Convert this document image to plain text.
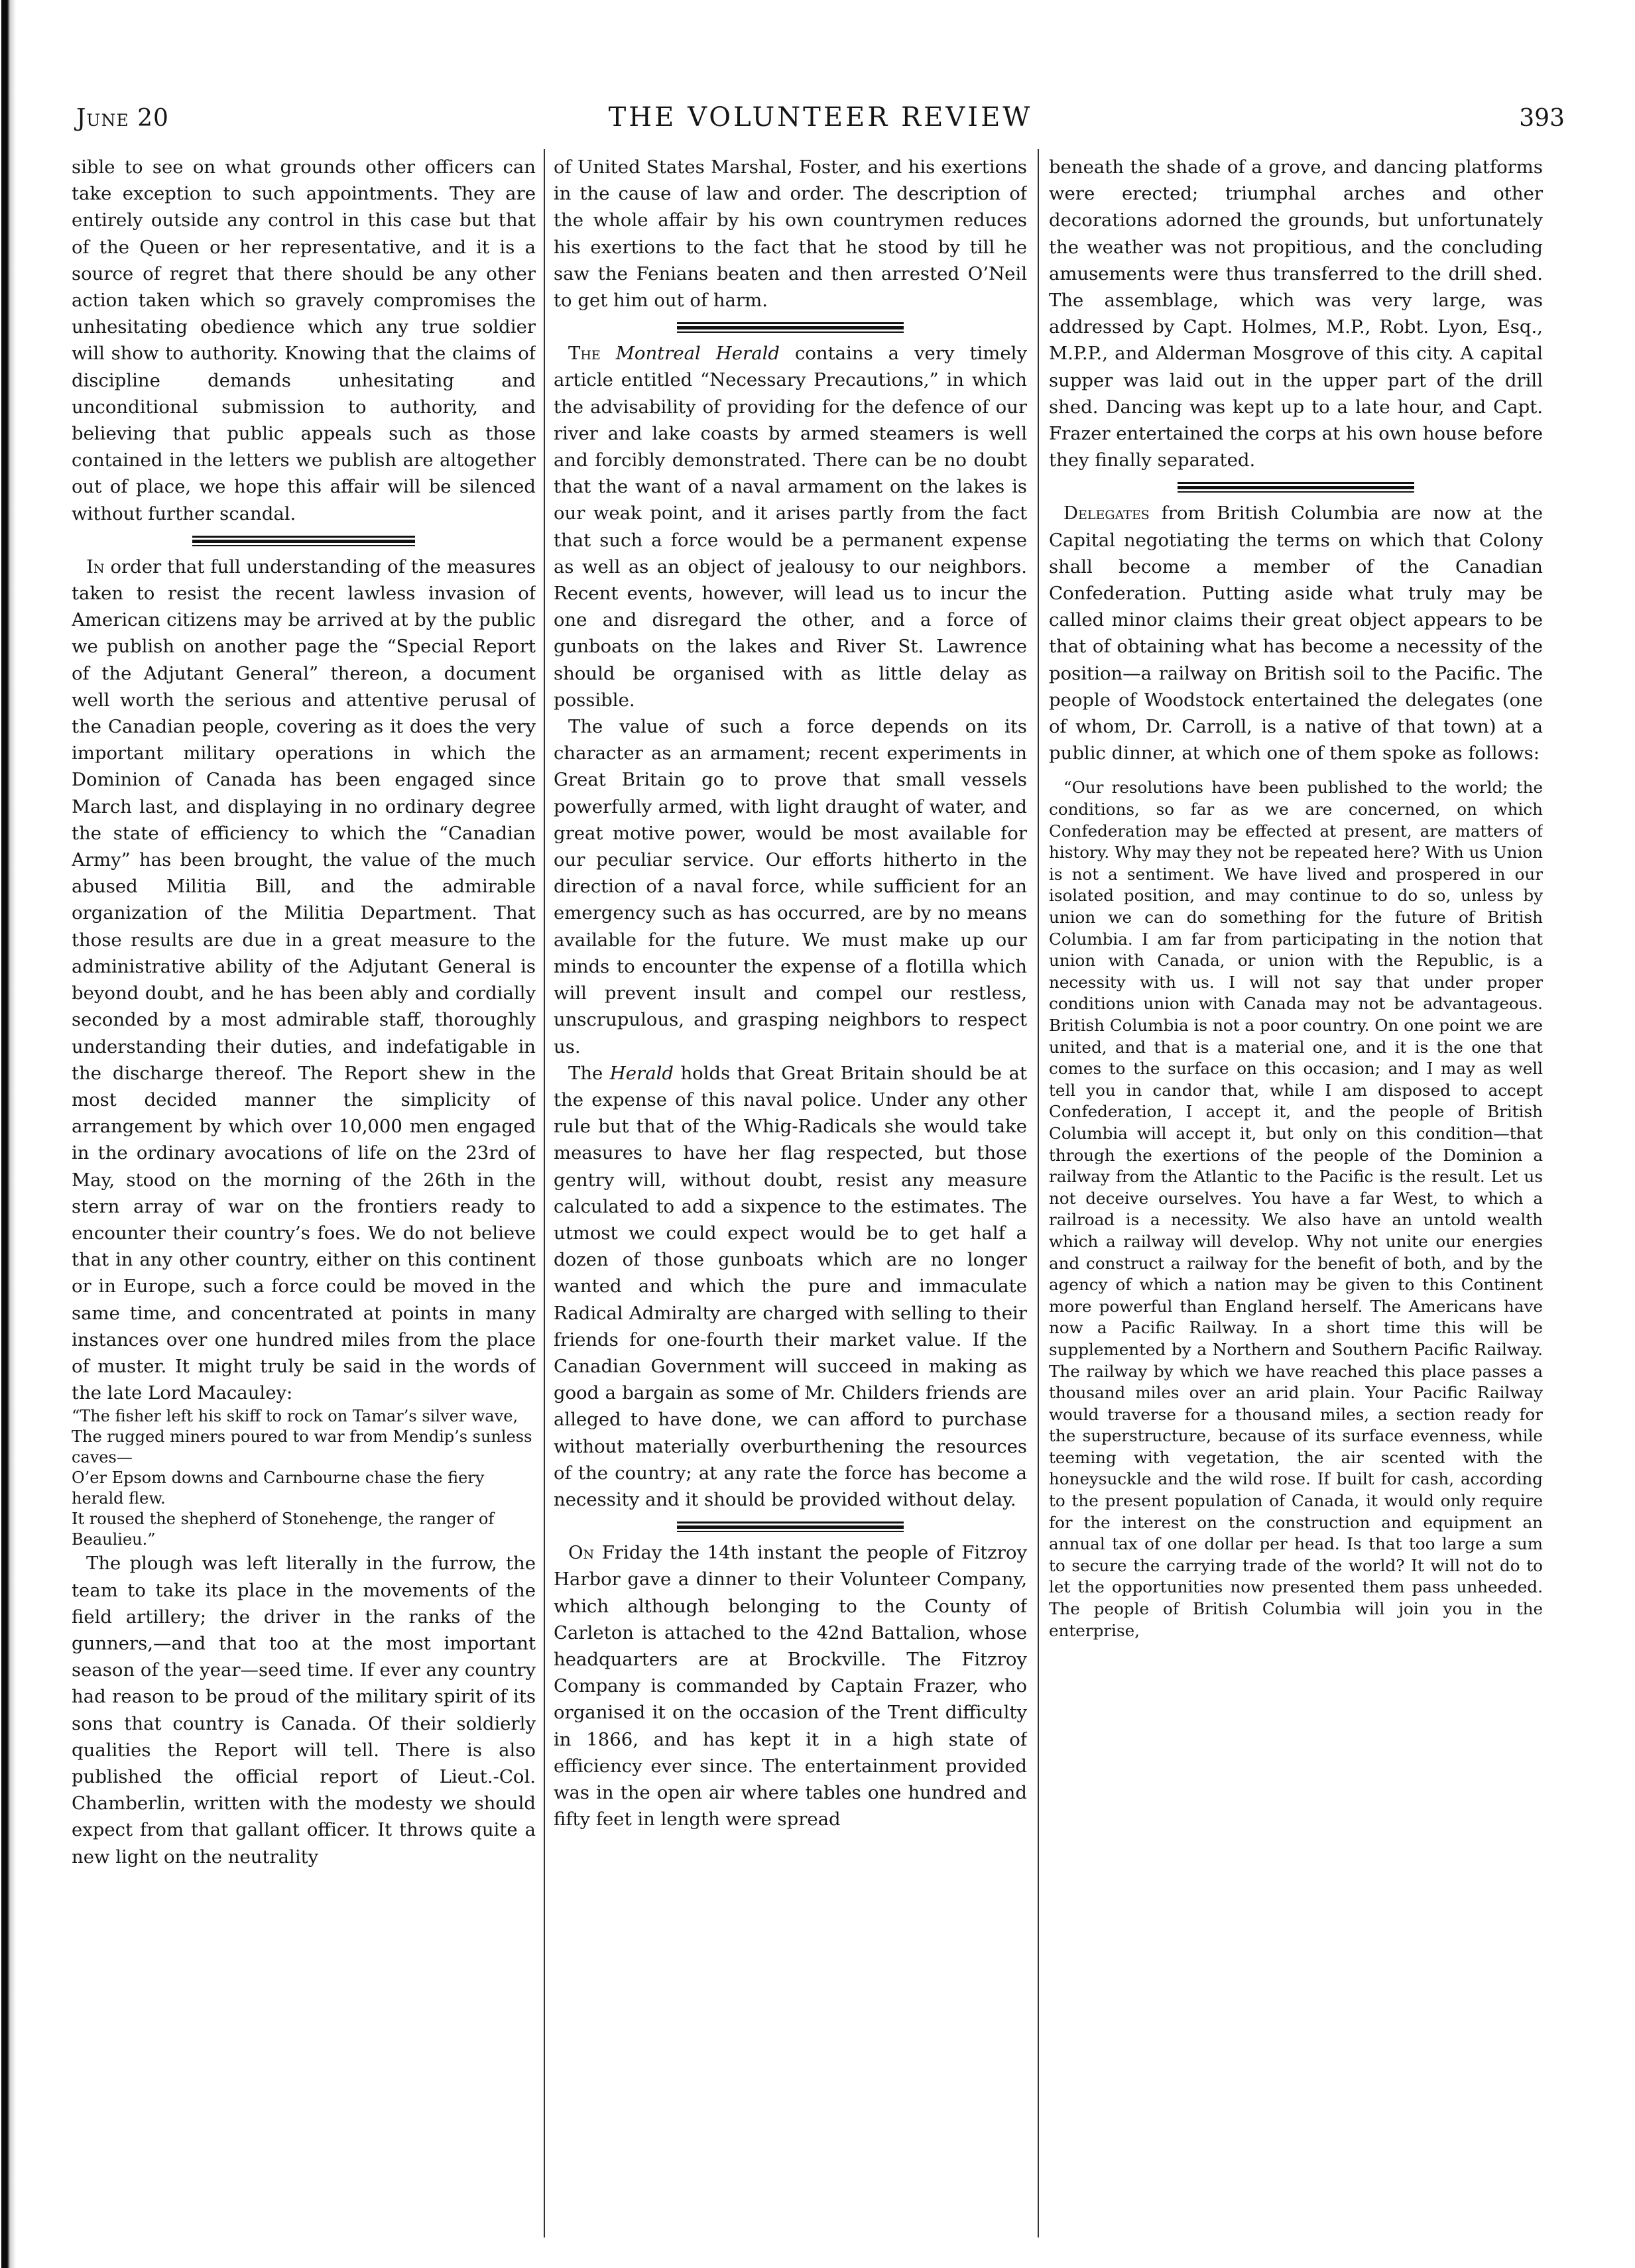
June 20	THE VOLUNTEER REVIEW	393

sible to see on what grounds other officers can take exception to such appointments. They are entirely outside any control in this case but that of the Queen or her representative, and it is a source of regret that there should be any other action taken which so gravely compromises the unhesitating obedience which any true soldier will show to authority. Knowing that the claims of discipline demands unhesitating and unconditional submission to authority, and believing that public appeals such as those contained in the letters we publish are altogether out of place, we hope this affair will be silenced without further scandal.

In order that full understanding of the measures taken to resist the recent lawless invasion of American citizens may be arrived at by the public we publish on another page the “Special Report of the Adjutant General” thereon, a document well worth the serious and attentive perusal of the Canadian people, covering as it does the very important military operations in which the Dominion of Canada has been engaged since March last, and displaying in no ordinary degree the state of efficiency to which the “Canadian Army” has been brought, the value of the much abused Militia Bill, and the admirable organization of the Militia Department. That those results are due in a great measure to the administrative ability of the Adjutant General is beyond doubt, and he has been ably and cordially seconded by a most admirable staff, thoroughly understanding their duties, and indefatigable in the discharge thereof. The Report shew in the most decided manner the simplicity of arrangement by which over 10,000 men engaged in the ordinary avocations of life on the 23rd of May, stood on the morning of the 26th in the stern array of war on the frontiers ready to encounter their country’s foes. We do not believe that in any other country, either on this continent or in Europe, such a force could be moved in the same time, and concentrated at points in many instances over one hundred miles from the place of muster. It might truly be said in the words of the late Lord Macauley:

“The fisher left his skiff to rock on Tamar’s silver wave,
The rugged miners poured to war from Mendip’s sunless caves—
O’er Epsom downs and Carnbourne chase the fiery herald flew.
It roused the shepherd of Stonehenge, the ranger of Beaulieu.”

The plough was left literally in the furrow, the team to take its place in the movements of the field artillery; the driver in the ranks of the gunners,—and that too at the most important season of the year—seed time. If ever any country had reason to be proud of the military spirit of its sons that country is Canada. Of their soldierly qualities the Report will tell. There is also published the official report of Lieut.-Col. Chamberlin, written with the modesty we should expect from that gallant officer. It throws quite a new light on the neutrality

of United States Marshal, Foster, and his exertions in the cause of law and order. The description of the whole affair by his own countrymen reduces his exertions to the fact that he stood by till he saw the Fenians beaten and then arrested O’Neil to get him out of harm.

The Montreal Herald contains a very timely article entitled “Necessary Precautions,” in which the advisability of providing for the defence of our river and lake coasts by armed steamers is well and forcibly demonstrated. There can be no doubt that the want of a naval armament on the lakes is our weak point, and it arises partly from the fact that such a force would be a permanent expense as well as an object of jealousy to our neighbors. Recent events, however, will lead us to incur the one and disregard the other, and a force of gunboats on the lakes and River St. Lawrence should be organised with as little delay as possible.

The value of such a force depends on its character as an armament; recent experiments in Great Britain go to prove that small vessels powerfully armed, with light draught of water, and great motive power, would be most available for our peculiar service. Our efforts hitherto in the direction of a naval force, while sufficient for an emergency such as has occurred, are by no means available for the future. We must make up our minds to encounter the expense of a flotilla which will prevent insult and compel our restless, unscrupulous, and grasping neighbors to respect us.

The Herald holds that Great Britain should be at the expense of this naval police. Under any other rule but that of the Whig-Radicals she would take measures to have her flag respected, but those gentry will, without doubt, resist any measure calculated to add a sixpence to the estimates. The utmost we could expect would be to get half a dozen of those gunboats which are no longer wanted and which the pure and immaculate Radical Admiralty are charged with selling to their friends for one-fourth their market value. If the Canadian Government will succeed in making as good a bargain as some of Mr. Childers friends are alleged to have done, we can afford to purchase without materially overburthening the resources of the country; at any rate the force has become a necessity and it should be provided without delay.

On Friday the 14th instant the people of Fitzroy Harbor gave a dinner to their Volunteer Company, which although belonging to the County of Carleton is attached to the 42nd Battalion, whose headquarters are at Brockville. The Fitzroy Company is commanded by Captain Frazer, who organised it on the occasion of the Trent difficulty in 1866, and has kept it in a high state of efficiency ever since. The entertainment provided was in the open air where tables one hundred and fifty feet in length were spread

beneath the shade of a grove, and dancing platforms were erected; triumphal arches and other decorations adorned the grounds, but unfortunately the weather was not propitious, and the concluding amusements were thus transferred to the drill shed. The assemblage, which was very large, was addressed by Capt. Holmes, M.P., Robt. Lyon, Esq., M.P.P., and Alderman Mosgrove of this city. A capital supper was laid out in the upper part of the drill shed. Dancing was kept up to a late hour, and Capt. Frazer entertained the corps at his own house before they finally separated.

Delegates from British Columbia are now at the Capital negotiating the terms on which that Colony shall become a member of the Canadian Confederation. Putting aside what truly may be called minor claims their great object appears to be that of obtaining what has become a necessity of the position—a railway on British soil to the Pacific. The people of Woodstock entertained the delegates (one of whom, Dr. Carroll, is a native of that town) at a public dinner, at which one of them spoke as follows:

“Our resolutions have been published to the world; the conditions, so far as we are concerned, on which Confederation may be effected at present, are matters of history. Why may they not be repeated here? With us Union is not a sentiment. We have lived and prospered in our isolated position, and may continue to do so, unless by union we can do something for the future of British Columbia. I am far from participating in the notion that union with Canada, or union with the Republic, is a necessity with us. I will not say that under proper conditions union with Canada may not be advantageous. British Columbia is not a poor country. On one point we are united, and that is a material one, and it is the one that comes to the surface on this occasion; and I may as well tell you in candor that, while I am disposed to accept Confederation, I accept it, and the people of British Columbia will accept it, but only on this condition—that through the exertions of the people of the Dominion a railway from the Atlantic to the Pacific is the result. Let us not deceive ourselves. You have a far West, to which a railroad is a necessity. We also have an untold wealth which a railway will develop. Why not unite our energies and construct a railway for the benefit of both, and by the agency of which a nation may be given to this Continent more powerful than England herself. The Americans have now a Pacific Railway. In a short time this will be supplemented by a Northern and Southern Pacific Railway. The railway by which we have reached this place passes a thousand miles over an arid plain. Your Pacific Railway would traverse for a thousand miles, a section ready for the superstructure, because of its surface evenness, while teeming with vegetation, the air scented with the honeysuckle and the wild rose. If built for cash, according to the present population of Canada, it would only require for the interest on the construction and equipment an annual tax of one dollar per head. Is that too large a sum to secure the carrying trade of the world? It will not do to let the opportunities now presented them pass unheeded. The people of British Columbia will join you in the enterprise,
